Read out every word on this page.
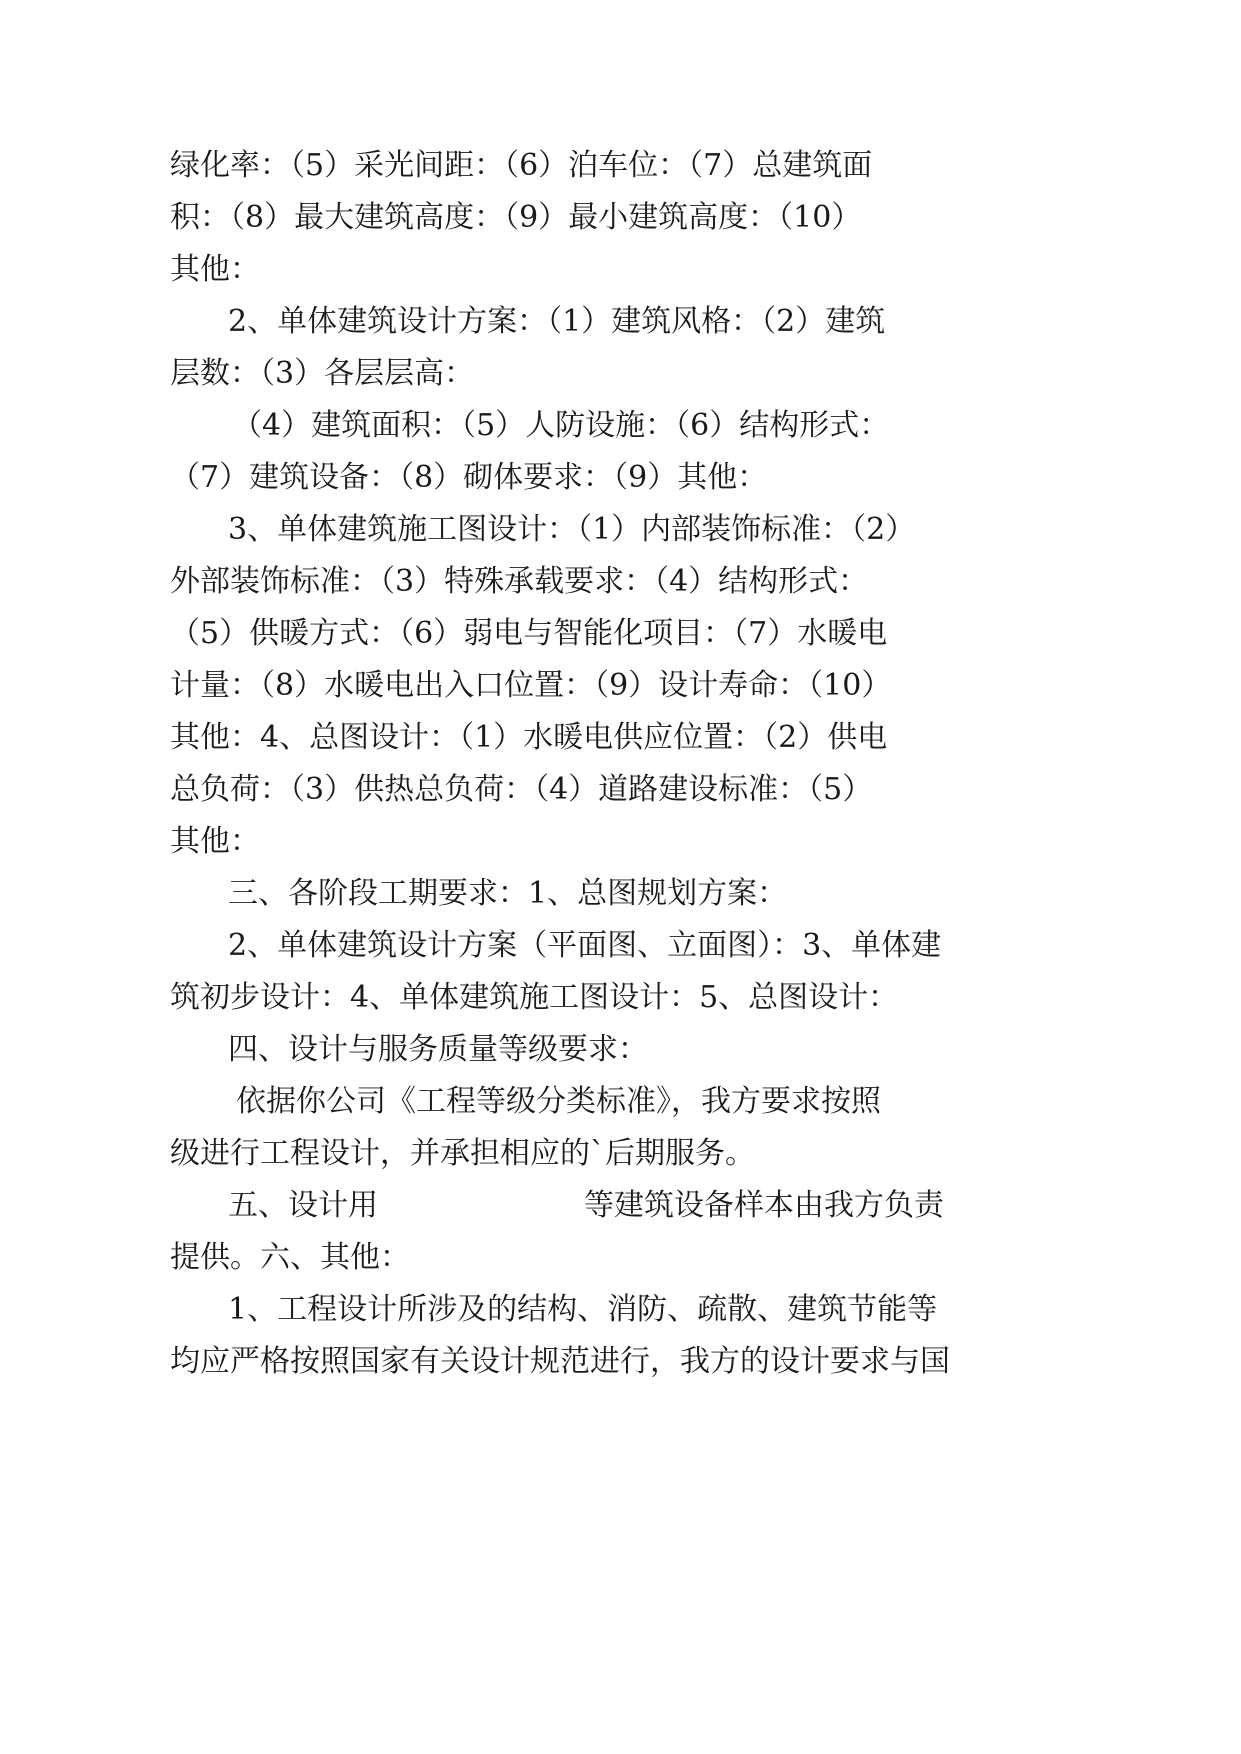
绿化率：（5）采光间距：（6）泊车位：（7）总建筑面
积：（8）最大建筑高度：（9）最小建筑高度：（10）
其他：
2、单体建筑设计方案：（1）建筑风格：（2）建筑
层数：（3）各层层高：
（4）建筑面积：（5）人防设施：（6）结构形式：
（7）建筑设备：（8）砌体要求：（9）其他：
3、单体建筑施工图设计：（1）内部装饰标准：（2）
外部装饰标准：（3）特殊承载要求：（4）结构形式：
（5）供暖方式：（6）弱电与智能化项目：（7）水暖电
计量：（8）水暖电出入口位置：（9）设计寿命：（10）
其他：4、总图设计：（1）水暖电供应位置：（2）供电
总负荷：（3）供热总负荷：（4）道路建设标准：（5）
其他：
三、各阶段工期要求：1、总图规划方案：
2、单体建筑设计方案（平面图、立面图）：3、单体建
筑初步设计：4、单体建筑施工图设计：5、总图设计：
四、设计与服务质量等级要求：
依据你公司《工程等级分类标准》，我方要求按照
级进行工程设计，并承担相应的`后期服务。
五、设计用	等建筑设备样本由我方负责
提供。六、其他：
1、工程设计所涉及的结构、消防、疏散、建筑节能等
均应严格按照国家有关设计规范进行，我方的设计要求与国
